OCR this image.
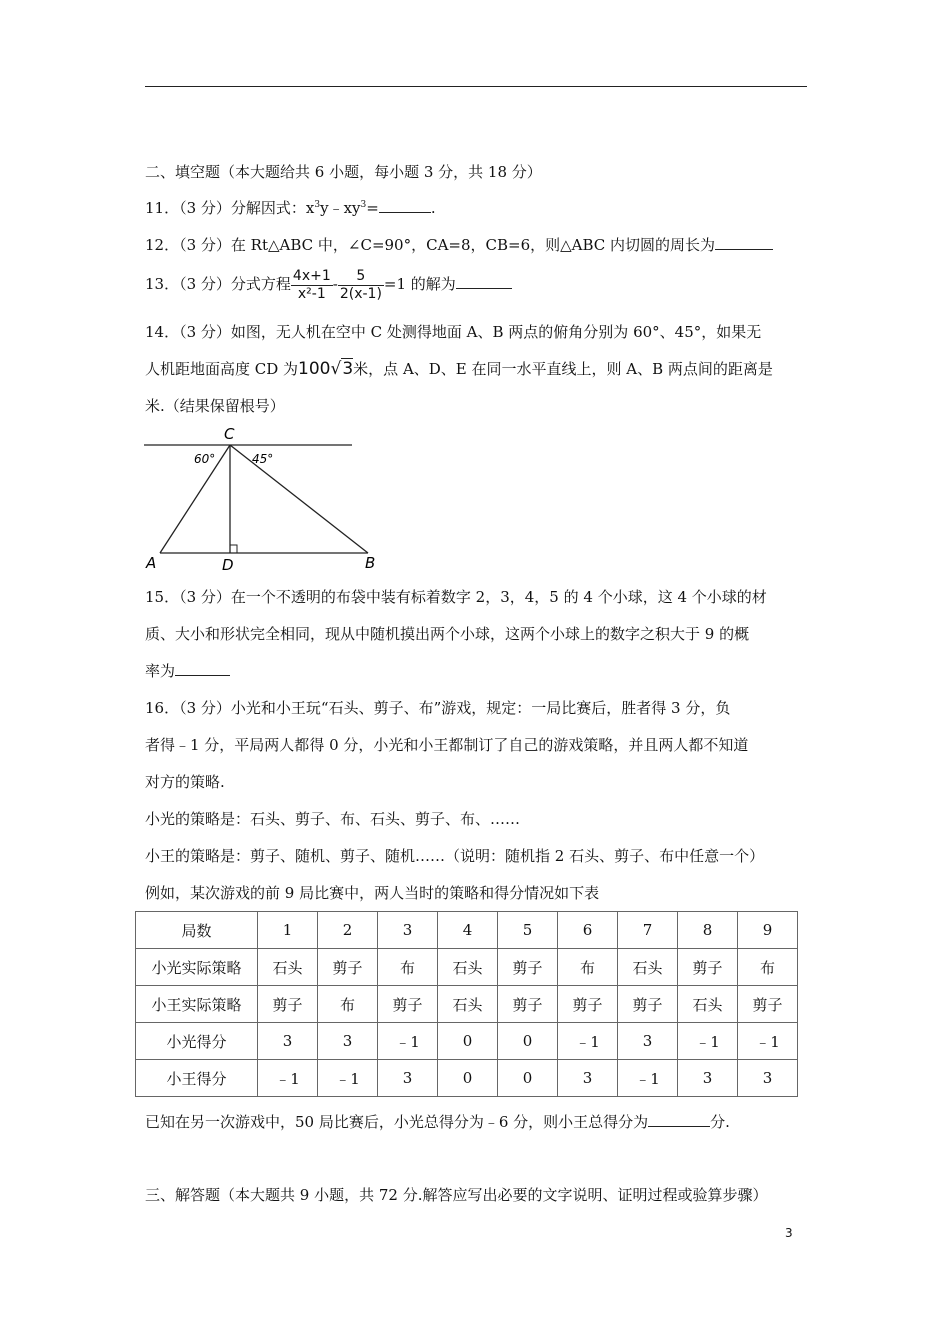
二、填空题（本大题给共 6 小题，每小题 3 分，共 18 分）
11．（3 分）分解因式：$x^3y﹣xy^3=$	.
12．（3 分）在 Rt△ABC 中，∠C=90°，CA=8，CB=6，则△ABC 内切圆的周长为
13．（3 分）分式方程 $\frac{4x+1}{\text{x²-1}} - \frac{5}{2(x-1)} =1$ 的解为
14．（3 分）如图，无人机在空中 C 处测得地面 A、B 两点的俯角分别为 60°、45°，如果无
人机距地面高度 CD 为100√3米，点 A、D、E 在同一水平直线上，则 A、B 两点间的距离是
米.（结果保留根号）
C
60°	45°
A	D	B
15．（3 分）在一个不透明的布袋中装有标着数字 2，3，4，5 的 4 个小球，这 4 个小球的材
质、大小和形状完全相同，现从中随机摸出两个小球，这两个小球上的数字之积大于 9 的概
率为
16．（3 分）小光和小王玩“石头、剪子、布”游戏，规定：一局比赛后，胜者得 3 分，负
者得﹣1 分，平局两人都得 0 分，小光和小王都制订了自己的游戏策略，并且两人都不知道
对方的策略.
小光的策略是：石头、剪子、布、石头、剪子、布、……
小王的策略是：剪子、随机、剪子、随机……（说明：随机指 2 石头、剪子、布中任意一个）
例如，某次游戏的前 9 局比赛中，两人当时的策略和得分情况如下表
局数	1	2	3	4	5	6	7	8	9
小光实际策略	石头	剪子	布	石头	剪子	布	石头	剪子	布
小王实际策略	剪子	布	剪子	石头	剪子	剪子	剪子	石头	剪子
小光得分	3	3	﹣1	0	0	﹣1	3	﹣1	﹣1
小王得分	﹣1	﹣1	3	0	0	3	﹣1	3	3
已知在另一次游戏中，50 局比赛后，小光总得分为﹣6 分，则小王总得分为	分.
三、解答题（本大题共 9 小题，共 72 分.解答应写出必要的文字说明、证明过程或验算步骤）
3
